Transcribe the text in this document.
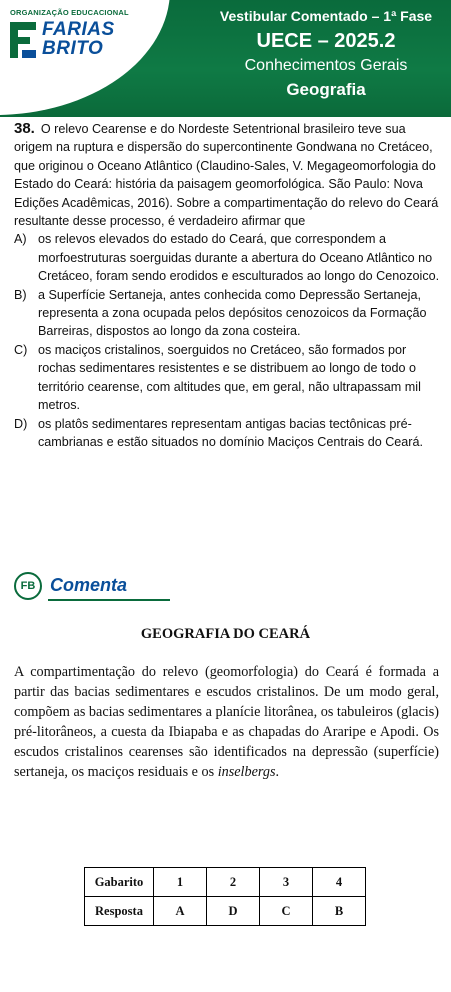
ORGANIZAÇÃO EDUCACIONAL
FARIAS
BRITO
Vestibular Comentado – 1ª Fase
UECE – 2025.2
Conhecimentos Gerais
Geografia
38. O relevo Cearense e do Nordeste Setentrional brasileiro teve sua origem na ruptura e dispersão do supercontinente Gondwana no Cretáceo, que originou o Oceano Atlântico (Claudino-Sales, V. Megageomorfologia do Estado do Ceará: história da paisagem geomorfológica. São Paulo: Nova Edições Acadêmicas, 2016). Sobre a compartimentação do relevo do Ceará resultante desse processo, é verdadeiro afirmar que
A) os relevos elevados do estado do Ceará, que correspondem a morfoestruturas soerguidas durante a abertura do Oceano Atlântico no Cretáceo, foram sendo erodidos e esculturados ao longo do Cenozoico.
B) a Superfície Sertaneja, antes conhecida como Depressão Sertaneja, representa a zona ocupada pelos depósitos cenozoicos da Formação Barreiras, dispostos ao longo da zona costeira.
C) os maciços cristalinos, soerguidos no Cretáceo, são formados por rochas sedimentares resistentes e se distribuem ao longo de todo o território cearense, com altitudes que, em geral, não ultrapassam mil metros.
D) os platôs sedimentares representam antigas bacias tectônicas pré-cambrianas e estão situados no domínio Maciços Centrais do Ceará.
FB Comenta
GEOGRAFIA DO CEARÁ
A compartimentação do relevo (geomorfologia) do Ceará é formada a partir das bacias sedimentares e escudos cristalinos. De um modo geral, compõem as bacias sedimentares a planície litorânea, os tabuleiros (glacis) pré-litorâneos, a cuesta da Ibiapaba e as chapadas do Araripe e Apodi. Os escudos cristalinos cearenses são identificados na depressão (superfície) sertaneja, os maciços residuais e os inselbergs.
Gabarito	1	2	3	4
Resposta	A	D	C	B
